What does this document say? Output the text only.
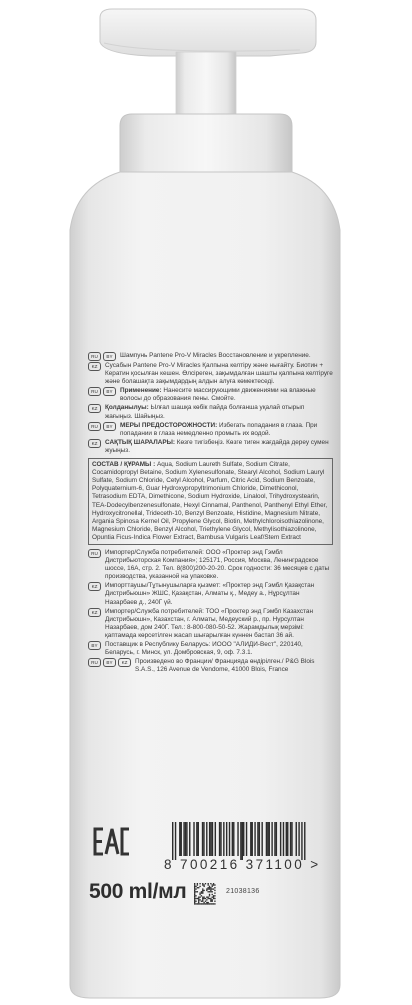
RU	BY	Шампунь Pantene Pro-V Miracles Восстановление и укрепление.
KZ	Сусабын Pantene Pro-V Miracles Қалпына келтіру және нығайту. Биотин + Кератин қосылған кешен. Өлсіреген, зақымдалған шашты қалпына келтіруге және болашақта зақымдардың алдын алуға көмектеседі.
RU	BY	Применение: Нанесите массирующими движениями на влажные волосы до образования пены. Смойте.
KZ	Қолданылуы: Ылғал шашқа көбік пайда болғанша уқалай отырып жағыңыз. Шайыңыз.
RU	BY	МЕРЫ ПРЕДОСТОРОЖНОСТИ: Избегать попадания в глаза. При попадании в глаза немедленно промыть их водой.
KZ	САҚТЫҚ ШАРАЛАРЫ: Көзге тигізбеңіз. Көзге тиген жағдайда дереу сумен жуыңыз.
СОСТАВ / ҚҰРАМЫ : Aqua, Sodium Laureth Sulfate, Sodium Citrate, Cocamidopropyl Betaine, Sodium Xylenesulfonate, Stearyl Alcohol, Sodium Lauryl Sulfate, Sodium Chloride, Cetyl Alcohol, Parfum, Citric Acid, Sodium Benzoate, Polyquaternium-6, Guar Hydroxypropyltrimonium Chloride, Dimethiconol, Tetrasodium EDTA, Dimethicone, Sodium Hydroxide, Linalool, Trihydroxystearin, TEA-Dodecylbenzenesulfonate, Hexyl Cinnamal, Panthenol, Panthenyl Ethyl Ether, Hydroxycitronellal, Trideceth-10, Benzyl Benzoate, Histidine, Magnesium Nitrate, Argania Spinosa Kernel Oil, Propylene Glycol, Biotin, Methylchloroisothiazolinone, Magnesium Chloride, Benzyl Alcohol, Triethylene Glycol, Methylisothiazolinone, Opuntia Ficus-Indica Flower Extract, Bambusa Vulgaris Leaf/Stem Extract
RU	Импортер/Служба потребителей: ООО «Проктер энд Гэмбл Дистрибьюторская Компания»; 125171, Россия, Москва, Ленинградское шоссе, 16А, стр. 2. Тел. 8(800)200-20-20. Срок годности: 36 месяцев с даты производства, указанной на упаковке.
KZ	Импорттаушы/Тұтынушыларға қызмет: «Проктер энд Гэмбл Қазақстан Дистрибьюшн» ЖШС, Қазақстан, Алматы қ., Медеу а., Нұрсұлтан Назарбаев д., 240Г үй.
KZ	Импортер/Служба потребителей: ТОО «Проктер энд Гэмбл Казахстан Дистрибьюшн», Казахстан, г. Алматы, Медеуский р., пр. Нурсултан Назарбаев, дом 240Г. Тел.: 8-800-080-50-52. Жарамдылық мерзімі: қаптамада көрсетілген жасап шығарылған күннен бастап 36 ай.
BY	Поставщик в Республику Беларусь: ИООО "АЛИДИ-Вест", 220140, Беларусь, г. Минск, ул. Домбровская, 9, оф. 7.3.1.
RU	BY	KZ	Произведено во Франции/ Францияда өндірілген./ P&G Blois S.A.S., 126 Avenue de Vendome, 41000 Blois, France
8 700216 371100 >
500 ml/мл	21038136
